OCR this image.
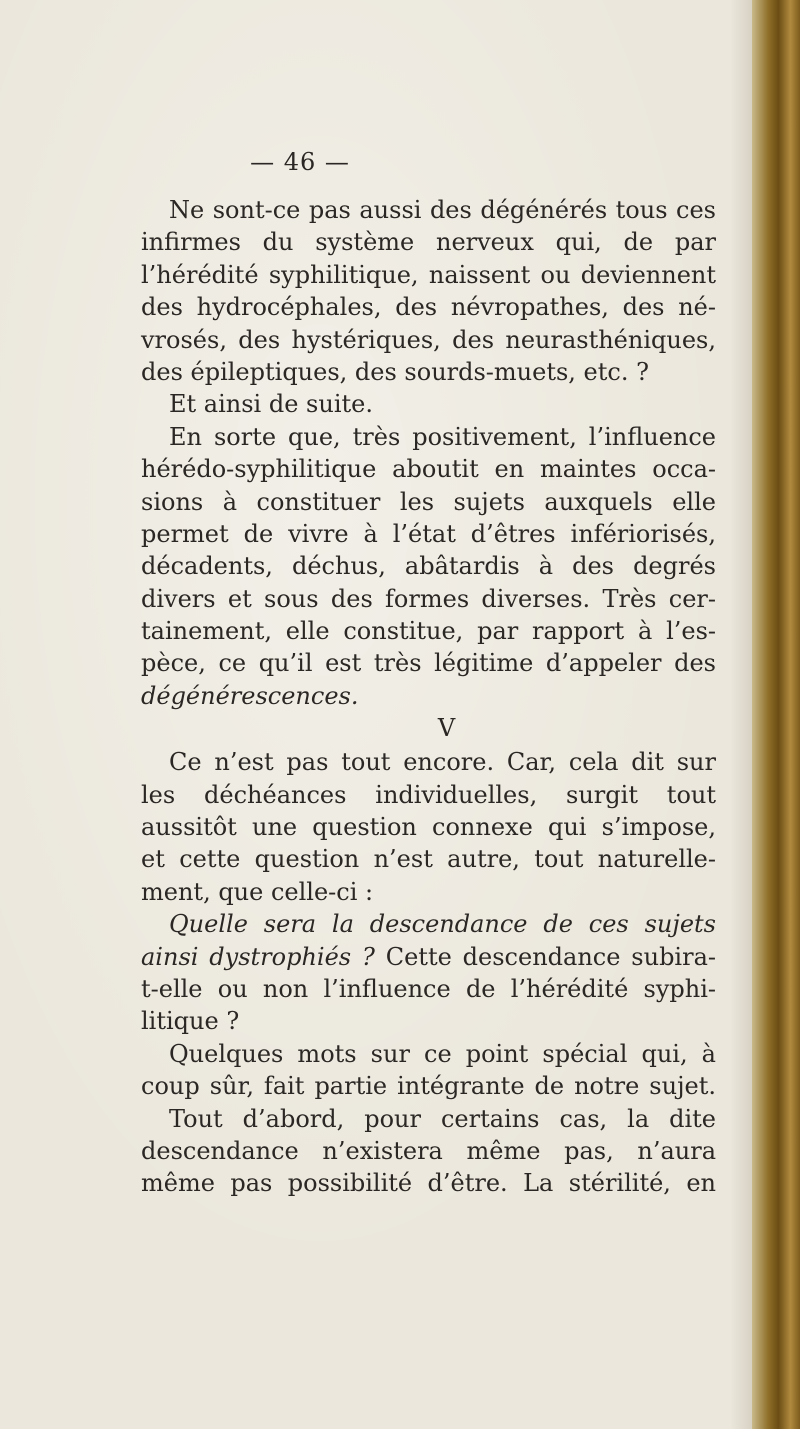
— 46 —
Ne sont-ce pas aussi des dégénérés tous ces
infirmes du système nerveux qui, de par
l’hérédité syphilitique, naissent ou deviennent
des hydrocéphales, des névropathes, des né-
vrosés, des hystériques, des neurasthéniques,
des épileptiques, des sourds-muets, etc. ?
Et ainsi de suite.
En sorte que, très positivement, l’influence
hérédo-syphilitique aboutit en maintes occa-
sions à constituer les sujets auxquels elle
permet de vivre à l’état d’êtres infériorisés,
décadents, déchus, abâtardis à des degrés
divers et sous des formes diverses. Très cer-
tainement, elle constitue, par rapport à l’es-
pèce, ce qu’il est très légitime d’appeler des
dégénérescences.
V
Ce n’est pas tout encore. Car, cela dit sur
les déchéances individuelles, surgit tout
aussitôt une question connexe qui s’impose,
et cette question n’est autre, tout naturelle-
ment, que celle-ci :
Quelle sera la descendance de ces sujets
ainsi dystrophiés ? Cette descendance subira-
t-elle ou non l’influence de l’hérédité syphi-
litique ?
Quelques mots sur ce point spécial qui, à
coup sûr, fait partie intégrante de notre sujet.
Tout d’abord, pour certains cas, la dite
descendance n’existera même pas, n’aura
même pas possibilité d’être. La stérilité, en
